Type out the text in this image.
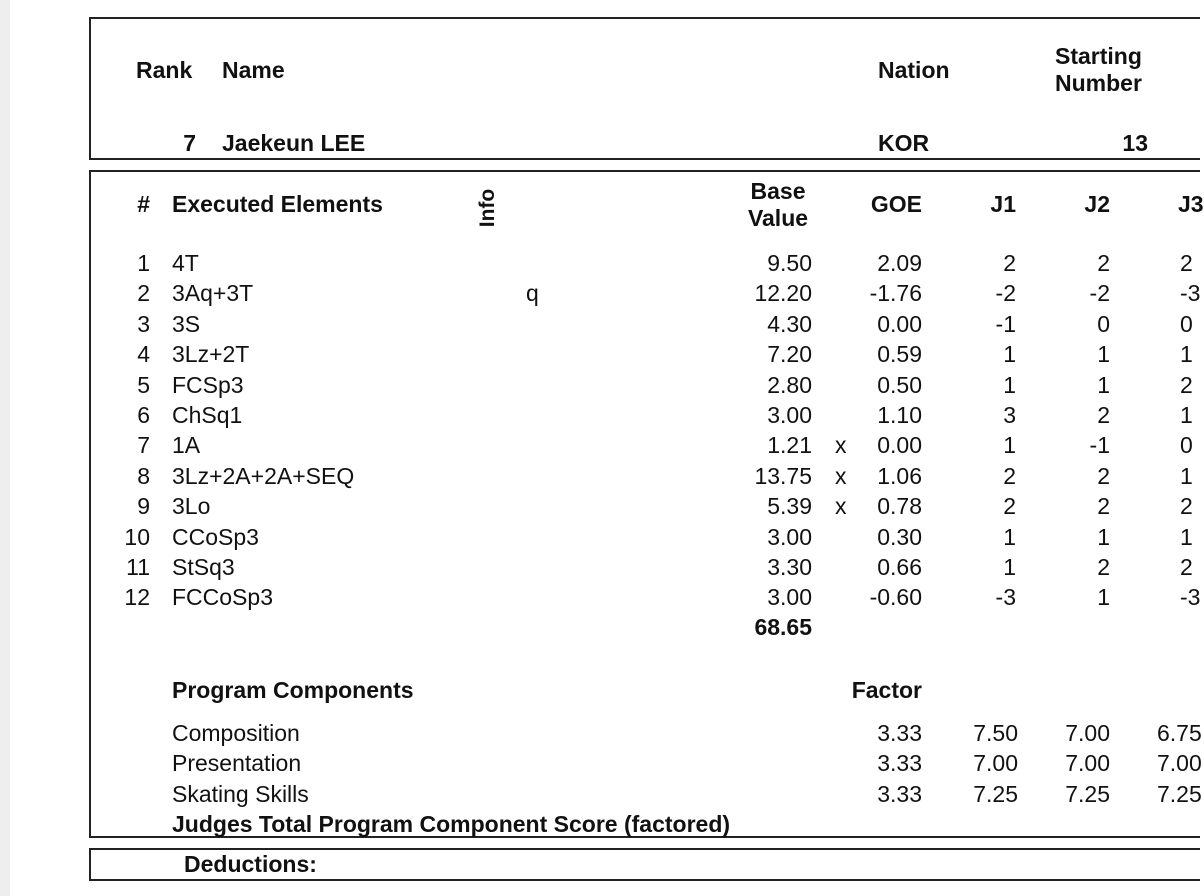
Rank Name	Nation
Starting
Number
7 Jaekeun LEE	KOR	13
# Executed Elements	Info	Base
Value
GOE	J1	J2	J3
1 4T	9.50	2.09	2	2	2
2 3Aq+3T	q	12.20	-1.76	-2	-2	-3
3 3S	4.30	0.00	-1	0	0
4 3Lz+2T	7.20	0.59	1	1	1
5 FCSp3	2.80	0.50	1	1	2
6 ChSq1	3.00	1.10	3	2	1
7 1A	1.21 x	0.00	1	-1	0
8 3Lz+2A+2A+SEQ	13.75 x	1.06	2	2	1
9 3Lo	5.39 x	0.78	2	2	2
10 CCoSp3	3.00	0.30	1	1	1
11 StSq3	3.30	0.66	1	2	2
12 FCCoSp3	3.00	-0.60	-3	1	-3
68.65
Program Components	Factor
Composition	3.33	7.50	7.00 6.75
Presentation	3.33	7.00	7.00 7.00
Skating Skills	3.33	7.25	7.25 7.25
Judges Total Program Component Score (factored)
Deductions:
